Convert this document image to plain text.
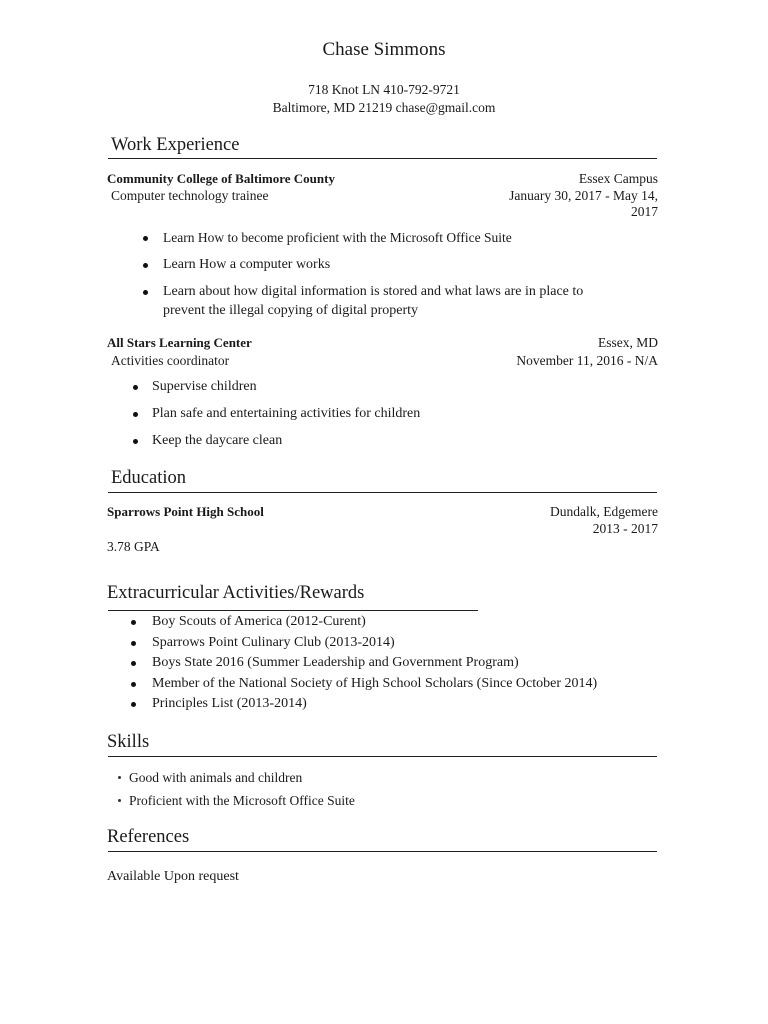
Chase Simmons
718 Knot LN 410-792-9721
Baltimore, MD 21219 chase@gmail.com
Work Experience
Community College of Baltimore County	Essex Campus
Computer technology trainee	January 30, 2017 - May 14,
2017
Learn How to become proficient with the Microsoft Office Suite
Learn How a computer works
Learn about how digital information is stored and what laws are in place to
prevent the illegal copying of digital property
All Stars Learning Center	Essex, MD
Activities coordinator	November 11, 2016 - N/A
Supervise children
Plan safe and entertaining activities for children
Keep the daycare clean
Education
Sparrows Point High School	Dundalk, Edgemere
2013 - 2017
3.78 GPA
Extracurricular Activities/Rewards
Boy Scouts of America (2012-Curent)
Sparrows Point Culinary Club (2013-2014)
Boys State 2016 (Summer Leadership and Government Program)
Member of the National Society of High School Scholars (Since October 2014)
Principles List (2013-2014)
Skills
Good with animals and children
Proficient with the Microsoft Office Suite
References
Available Upon request
